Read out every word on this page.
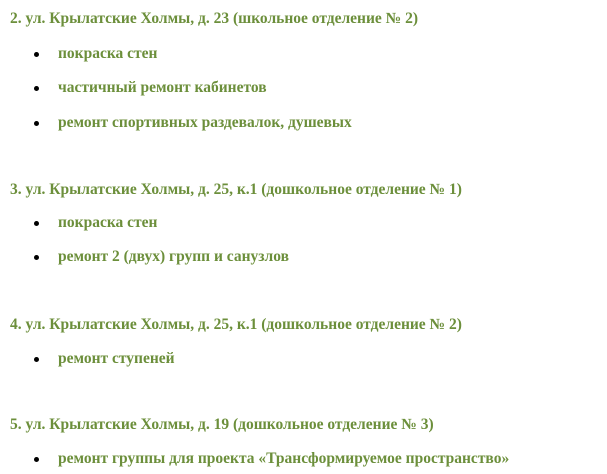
2. ул. Крылатские Холмы, д. 23 (школьное отделение № 2)
покраска стен
частичный ремонт кабинетов
ремонт спортивных раздевалок, душевых
3. ул. Крылатские Холмы, д. 25, к.1 (дошкольное отделение № 1)
покраска стен
ремонт 2 (двух) групп и санузлов
4. ул. Крылатские Холмы, д. 25, к.1 (дошкольное отделение № 2)
ремонт ступеней
5. ул. Крылатские Холмы, д. 19 (дошкольное отделение № 3)
ремонт группы для проекта «Трансформируемое пространство»
